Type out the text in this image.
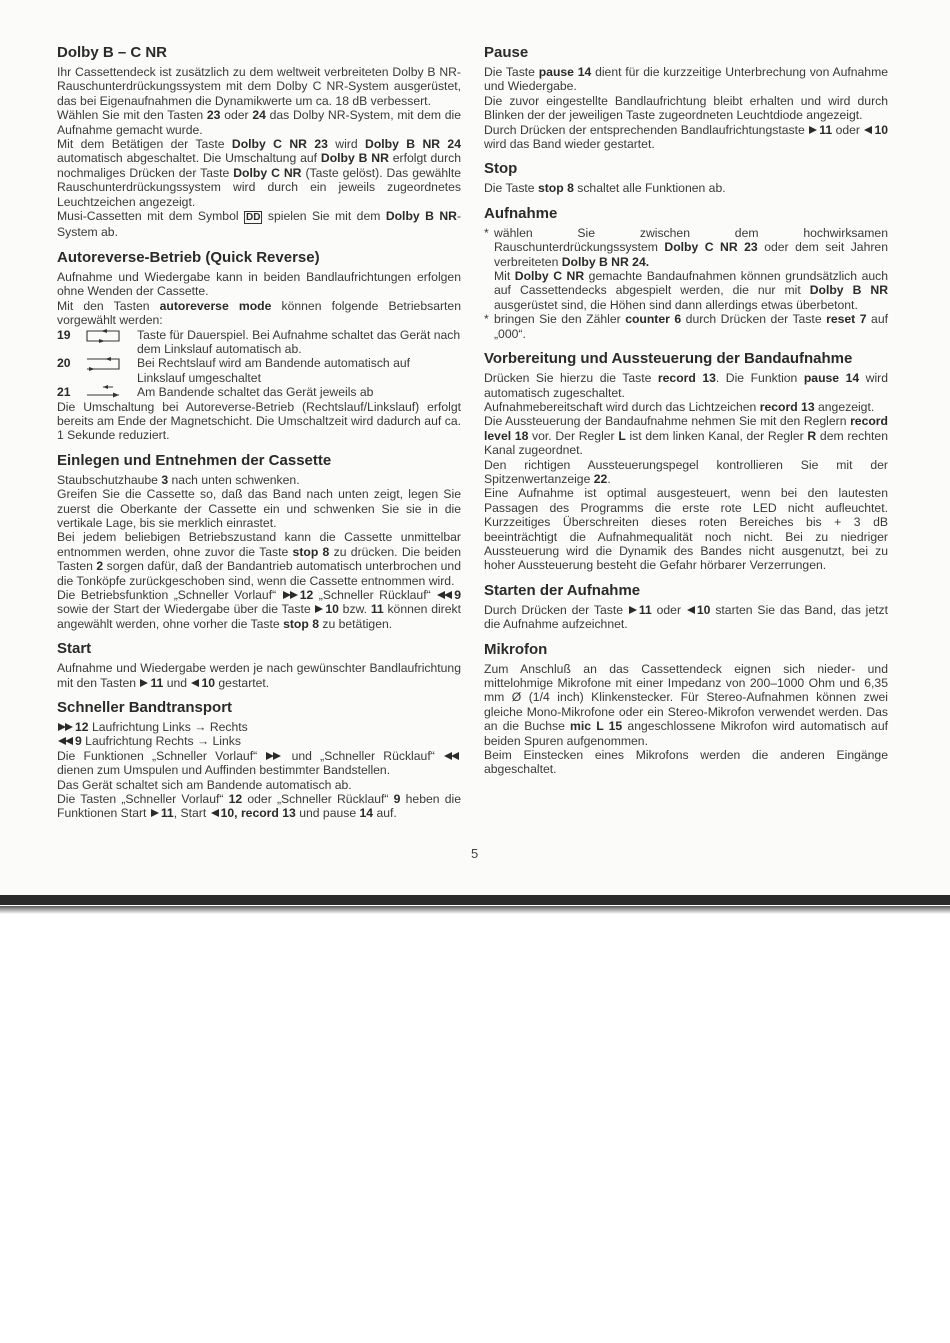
Dolby B – C NR

Ihr Cassettendeck ist zusätzlich zu dem weltweit verbreiteten Dolby B NR-Rauschunterdrückungssystem mit dem Dolby C NR-System ausgerüstet, das bei Eigenaufnahmen die Dynamikwerte um ca. 18 dB verbessert.

Wählen Sie mit den Tasten 23 oder 24 das Dolby NR-System, mit dem die Aufnahme gemacht wurde.

Mit dem Betätigen der Taste Dolby C NR 23 wird Dolby B NR 24 automatisch abgeschaltet. Die Umschaltung auf Dolby B NR erfolgt durch nochmaliges Drücken der Taste Dolby C NR (Taste gelöst). Das gewählte Rauschunterdrückungssystem wird durch ein jeweils zugeordnetes Leuchtzeichen angezeigt.

Musi-Cassetten mit dem Symbol DD spielen Sie mit dem Dolby B NR-System ab.

Autoreverse-Betrieb (Quick Reverse)

Aufnahme und Wiedergabe kann in beiden Bandlaufrichtungen erfolgen ohne Wenden der Cassette.

Mit den Tasten autoreverse mode können folgende Betriebsarten vorgewählt werden:

19	Taste für Dauerspiel. Bei Aufnahme schaltet das Gerät nach dem Linkslauf automatisch ab.
20	Bei Rechtslauf wird am Bandende automatisch auf Linkslauf umgeschaltet
21	Am Bandende schaltet das Gerät jeweils ab

Die Umschaltung bei Autoreverse-Betrieb (Rechtslauf/Linkslauf) erfolgt bereits am Ende der Magnetschicht. Die Umschaltzeit wird dadurch auf ca. 1 Sekunde reduziert.

Einlegen und Entnehmen der Cassette

Staubschutzhaube 3 nach unten schwenken.

Greifen Sie die Cassette so, daß das Band nach unten zeigt, legen Sie zuerst die Oberkante der Cassette ein und schwenken Sie sie in die vertikale Lage, bis sie merklich einrastet.

Bei jedem beliebigen Betriebszustand kann die Cassette unmittelbar entnommen werden, ohne zuvor die Taste stop 8 zu drücken. Die beiden Tasten 2 sorgen dafür, daß der Bandantrieb automatisch unterbrochen und die Tonköpfe zurückgeschoben sind, wenn die Cassette entnommen wird.

Die Betriebsfunktion „Schneller Vorlauf“ 12 „Schneller Rücklauf“ 9 sowie der Start der Wiedergabe über die Taste 10 bzw. 11 können direkt angewählt werden, ohne vorher die Taste stop 8 zu betätigen.

Start

Aufnahme und Wiedergabe werden je nach gewünschter Bandlaufrichtung mit den Tasten 11 und 10 gestartet.

Schneller Bandtransport

12 Laufrichtung Links → Rechts

9 Laufrichtung Rechts → Links

Die Funktionen „Schneller Vorlauf“  und „Schneller Rücklauf“  dienen zum Umspulen und Auffinden bestimmter Bandstellen.

Das Gerät schaltet sich am Bandende automatisch ab.

Die Tasten „Schneller Vorlauf“ 12 oder „Schneller Rücklauf“ 9 heben die Funktionen Start 11, Start 10, record 13 und pause 14 auf.

Pause

Die Taste pause 14 dient für die kurzzeitige Unterbrechung von Aufnahme und Wiedergabe.

Die zuvor eingestellte Bandlaufrichtung bleibt erhalten und wird durch Blinken der der jeweiligen Taste zugeordneten Leuchtdiode angezeigt.

Durch Drücken der entsprechenden Bandlaufrichtungstaste 11 oder 10 wird das Band wieder gestartet.

Stop

Die Taste stop 8 schaltet alle Funktionen ab.

Aufnahme
* wählen Sie zwischen dem hochwirksamen Rauschunterdrückungssystem Dolby C NR 23 oder dem seit Jahren verbreiteten Dolby B NR 24.

Mit Dolby C NR gemachte Bandaufnahmen können grundsätzlich auch auf Cassettendecks abgespielt werden, die nur mit Dolby B NR ausgerüstet sind, die Höhen sind dann allerdings etwas überbetont.

* bringen Sie den Zähler counter 6 durch Drücken der Taste reset 7 auf „000“.

Vorbereitung und Aussteuerung der Bandaufnahme

Drücken Sie hierzu die Taste record 13. Die Funktion pause 14 wird automatisch zugeschaltet.

Aufnahmebereitschaft wird durch das Lichtzeichen record 13 angezeigt.

Die Aussteuerung der Bandaufnahme nehmen Sie mit den Reglern record level 18 vor. Der Regler L ist dem linken Kanal, der Regler R dem rechten Kanal zugeordnet.

Den richtigen Aussteuerungspegel kontrollieren Sie mit der Spitzenwertanzeige 22.

Eine Aufnahme ist optimal ausgesteuert, wenn bei den lautesten Passagen des Programms die erste rote LED nicht aufleuchtet. Kurzzeitiges Überschreiten dieses roten Bereiches bis + 3 dB beeinträchtigt die Aufnahmequalität noch nicht. Bei zu niedriger Aussteuerung wird die Dynamik des Bandes nicht ausgenutzt, bei zu hoher Aussteuerung besteht die Gefahr hörbarer Verzerrungen.

Starten der Aufnahme

Durch Drücken der Taste 11 oder 10 starten Sie das Band, das jetzt die Aufnahme aufzeichnet.

Mikrofon

Zum Anschluß an das Cassettendeck eignen sich nieder- und mittelohmige Mikrofone mit einer Impedanz von 200–1000 Ohm und 6,35 mm Ø (1/4 inch) Klinkenstecker. Für Stereo-Aufnahmen können zwei gleiche Mono-Mikrofone oder ein Stereo-Mikrofon verwendet werden. Das an die Buchse mic L 15 angeschlossene Mikrofon wird automatisch auf beiden Spuren aufgenommen.

Beim Einstecken eines Mikrofons werden die anderen Eingänge abgeschaltet.

5
